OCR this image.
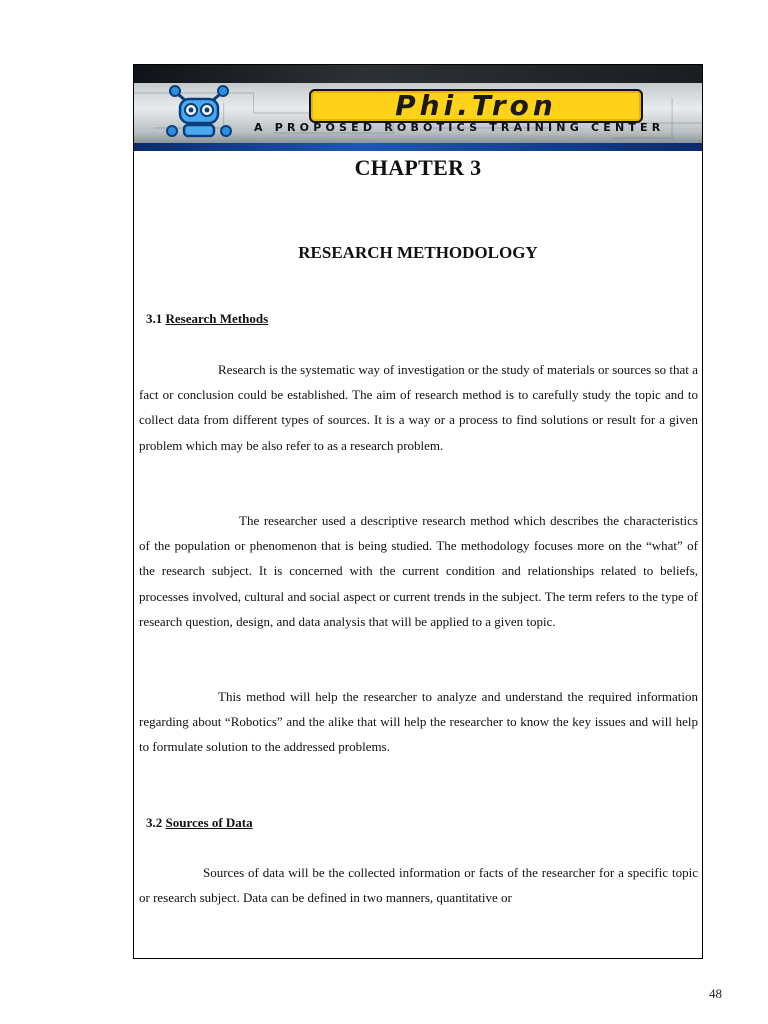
Phi.Tron
A PROPOSED ROBOTICS TRAINING CENTER
CHAPTER 3
RESEARCH METHODOLOGY
3.1 Research Methods

Research is the systematic way of investigation or the study of materials or sources so that a fact or conclusion could be established. The aim of research method is to carefully study the topic and to collect data from different types of sources. It is a way or a process to find solutions or result for a given problem which may be also refer to as a research problem.

The researcher used a descriptive research method which describes the characteristics of the population or phenomenon that is being studied. The methodology focuses more on the “what” of the research subject. It is concerned with the current condition and relationships related to beliefs, processes involved, cultural and social aspect or current trends in the subject. The term refers to the type of research question, design, and data analysis that will be applied to a given topic.

This method will help the researcher to analyze and understand the required information regarding about “Robotics” and the alike that will help the researcher to know the key issues and will help to formulate solution to the addressed problems.

3.2 Sources of Data

Sources of data will be the collected information or facts of the researcher for a specific topic or research subject. Data can be defined in two manners, quantitative or

48
